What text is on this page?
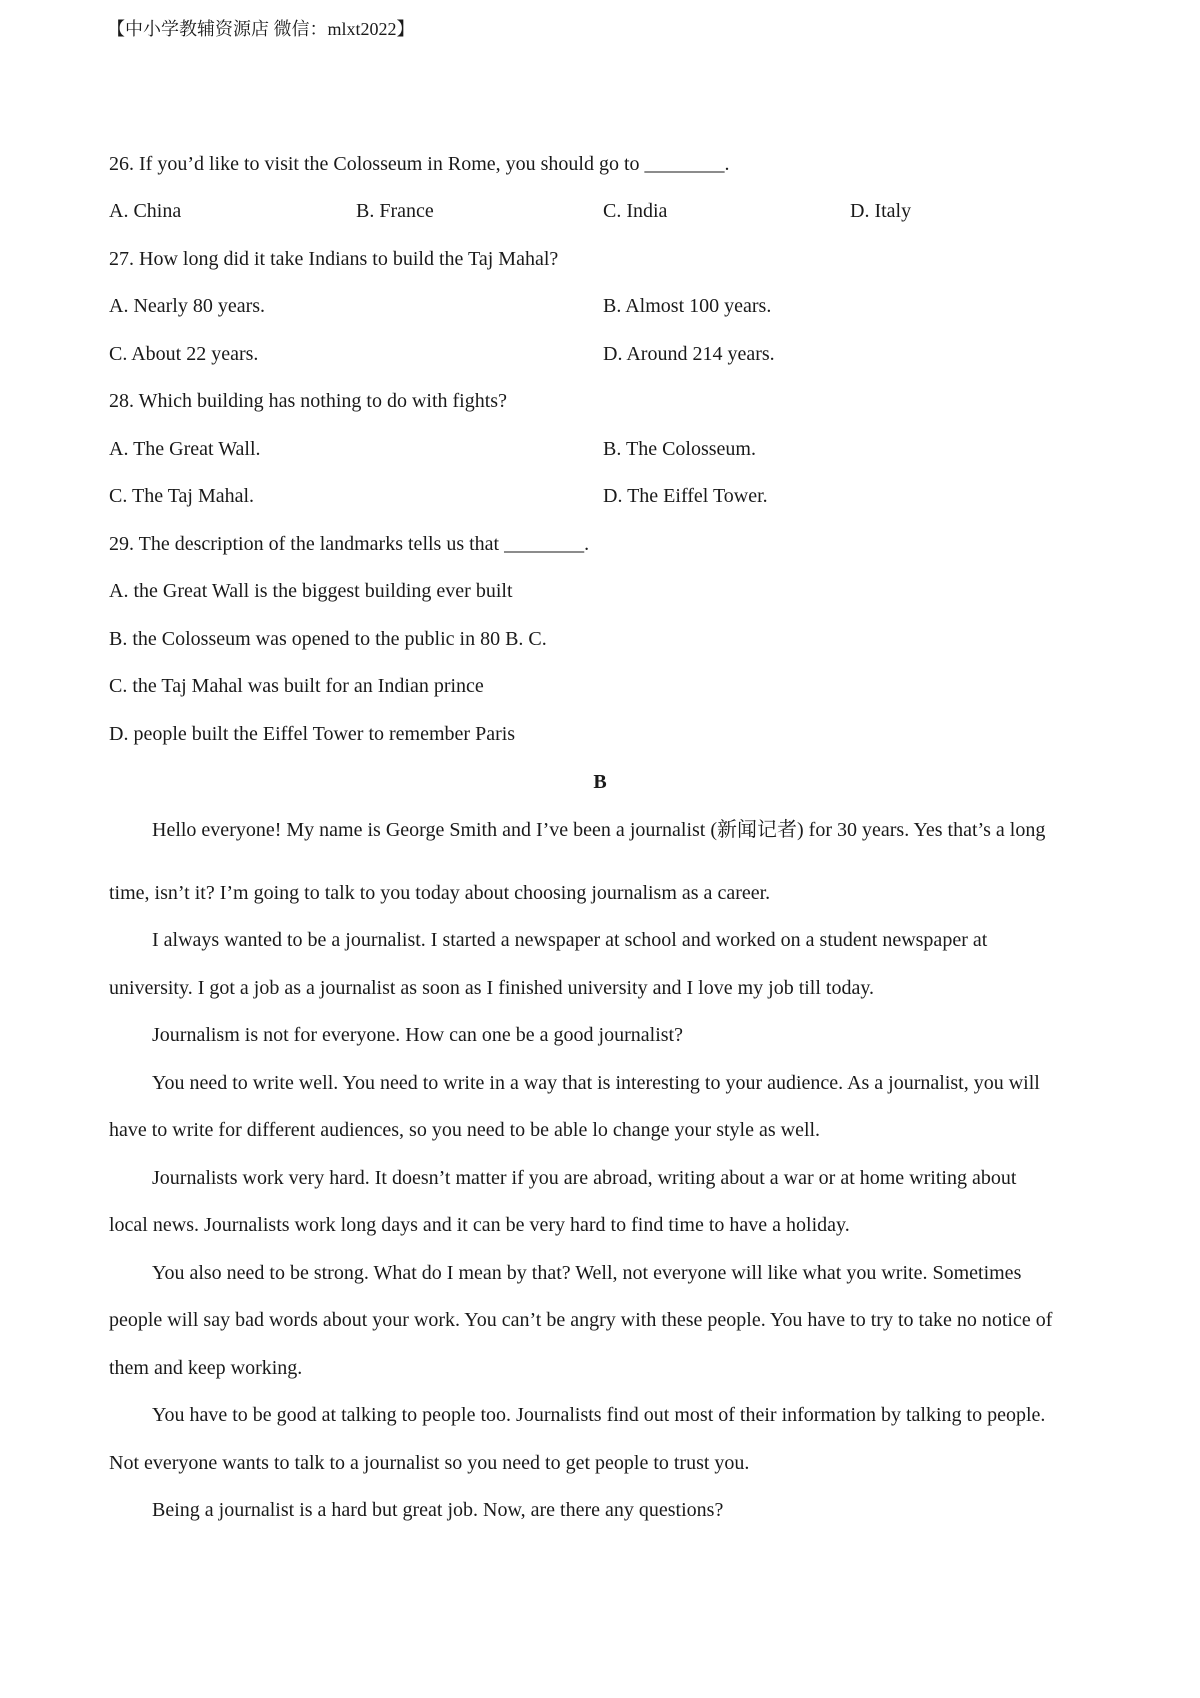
【中小学教辅资源店 微信：mlxt2022】
26. If you’d like to visit the Colosseum in Rome, you should go to ________.
A. China	B. France	C. India	D. Italy
27. How long did it take Indians to build the Taj Mahal?
A. Nearly 80 years.	B. Almost 100 years.
C. About 22 years.	D. Around 214 years.
28. Which building has nothing to do with fights?
A. The Great Wall.	B. The Colosseum.
C. The Taj Mahal.	D. The Eiffel Tower.
29. The description of the landmarks tells us that ________.
A. the Great Wall is the biggest building ever built
B. the Colosseum was opened to the public in 80 B. C.
C. the Taj Mahal was built for an Indian prince
D. people built the Eiffel Tower to remember Paris
B
Hello everyone! My name is George Smith and I’ve been a journalist (新闻记者) for 30 years. Yes that’s a long
time, isn’t it? I’m going to talk to you today about choosing journalism as a career.
I always wanted to be a journalist. I started a newspaper at school and worked on a student newspaper at
university. I got a job as a journalist as soon as I finished university and I love my job till today.
Journalism is not for everyone. How can one be a good journalist?
You need to write well. You need to write in a way that is interesting to your audience. As a journalist, you will
have to write for different audiences, so you need to be able lo change your style as well.
Journalists work very hard. It doesn’t matter if you are abroad, writing about a war or at home writing about
local news. Journalists work long days and it can be very hard to find time to have a holiday.
You also need to be strong. What do I mean by that? Well, not everyone will like what you write. Sometimes
people will say bad words about your work. You can’t be angry with these people. You have to try to take no notice of
them and keep working.
You have to be good at talking to people too. Journalists find out most of their information by talking to people.
Not everyone wants to talk to a journalist so you need to get people to trust you.
Being a journalist is a hard but great job. Now, are there any questions?
